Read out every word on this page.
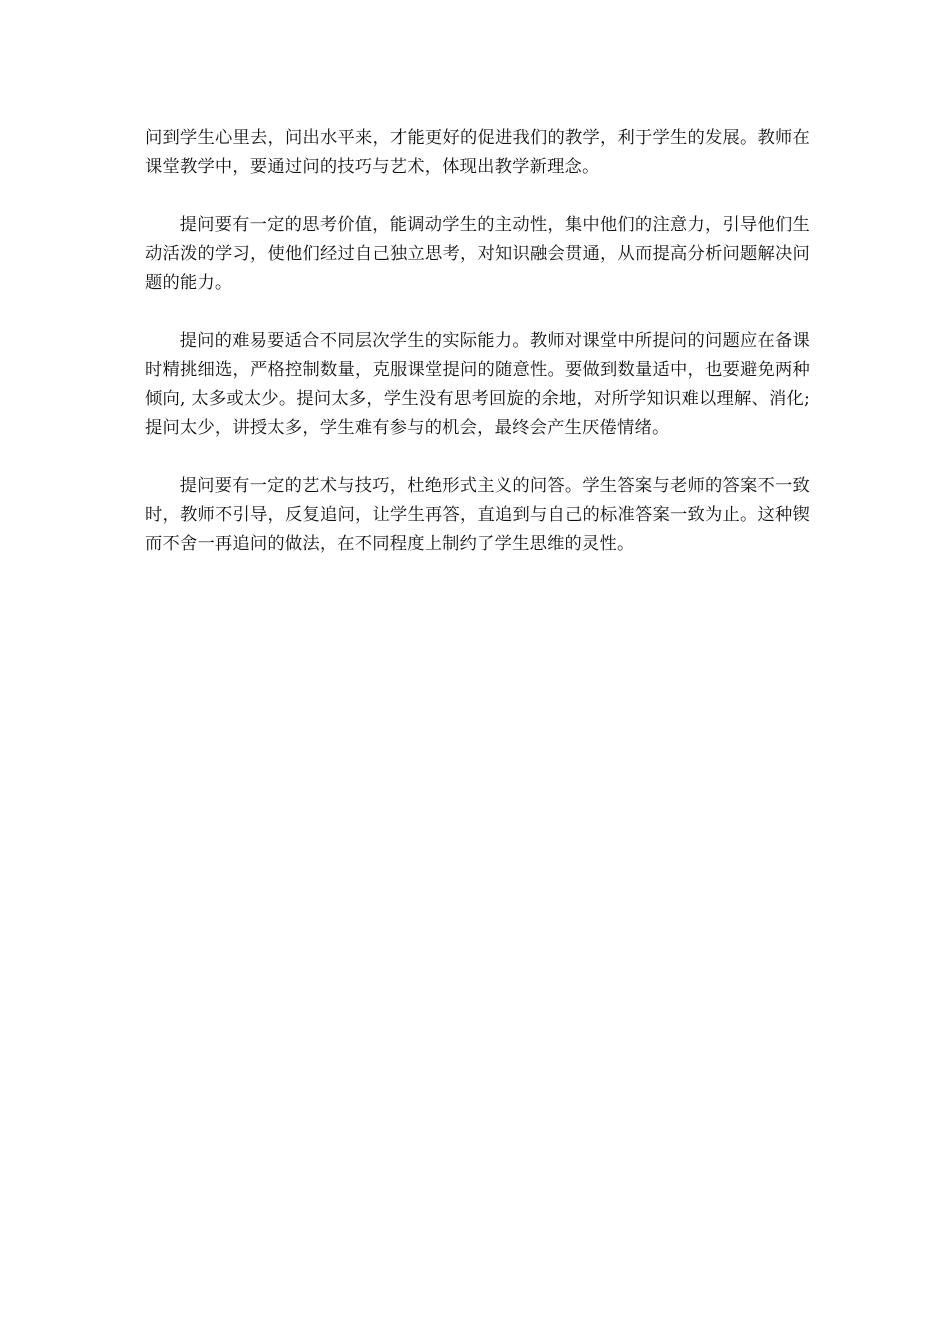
问到学生心里去，问出水平来，才能更好的促进我们的教学，利于学生的发展。教师在课堂教学中，要通过问的技巧与艺术，体现出教学新理念。

提问要有一定的思考价值，能调动学生的主动性，集中他们的注意力，引导他们生动活泼的学习，使他们经过自己独立思考，对知识融会贯通，从而提高分析问题解决问题的能力。

提问的难易要适合不同层次学生的实际能力。教师对课堂中所提问的问题应在备课时精挑细选，严格控制数量，克服课堂提问的随意性。要做到数量适中，也要避免两种倾向, 太多或太少。提问太多，学生没有思考回旋的余地，对所学知识难以理解、消化;提问太少，讲授太多，学生难有参与的机会，最终会产生厌倦情绪。

提问要有一定的艺术与技巧，杜绝形式主义的问答。学生答案与老师的答案不一致时，教师不引导，反复追问，让学生再答，直追到与自己的标准答案一致为止。这种锲而不舍一再追问的做法，在不同程度上制约了学生思维的灵性。
